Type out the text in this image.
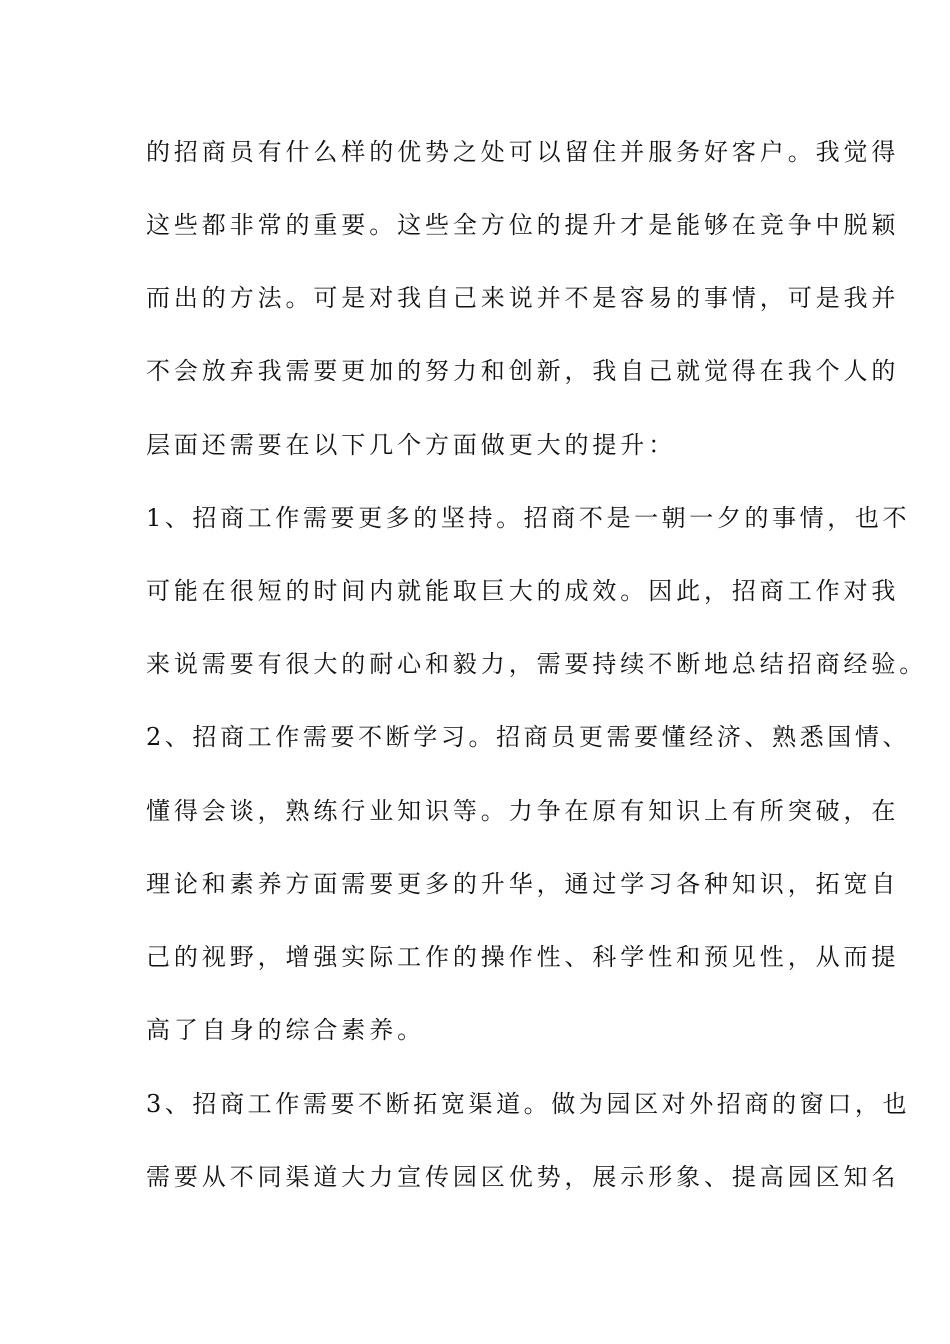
的招商员有什么样的优势之处可以留住并服务好客户。我觉得
这些都非常的重要。这些全方位的提升才是能够在竞争中脱颖
而出的方法。可是对我自己来说并不是容易的事情，可是我并
不会放弃我需要更加的努力和创新，我自己就觉得在我个人的
层面还需要在以下几个方面做更大的提升：
1、招商工作需要更多的坚持。招商不是一朝一夕的事情，也不
可能在很短的时间内就能取巨大的成效。因此，招商工作对我
来说需要有很大的耐心和毅力，需要持续不断地总结招商经验。
2、招商工作需要不断学习。招商员更需要懂经济、熟悉国情、
懂得会谈，熟练行业知识等。力争在原有知识上有所突破，在
理论和素养方面需要更多的升华，通过学习各种知识，拓宽自
己的视野，增强实际工作的操作性、科学性和预见性，从而提
高了自身的综合素养。
3、招商工作需要不断拓宽渠道。做为园区对外招商的窗口，也
需要从不同渠道大力宣传园区优势，展示形象、提高园区知名
